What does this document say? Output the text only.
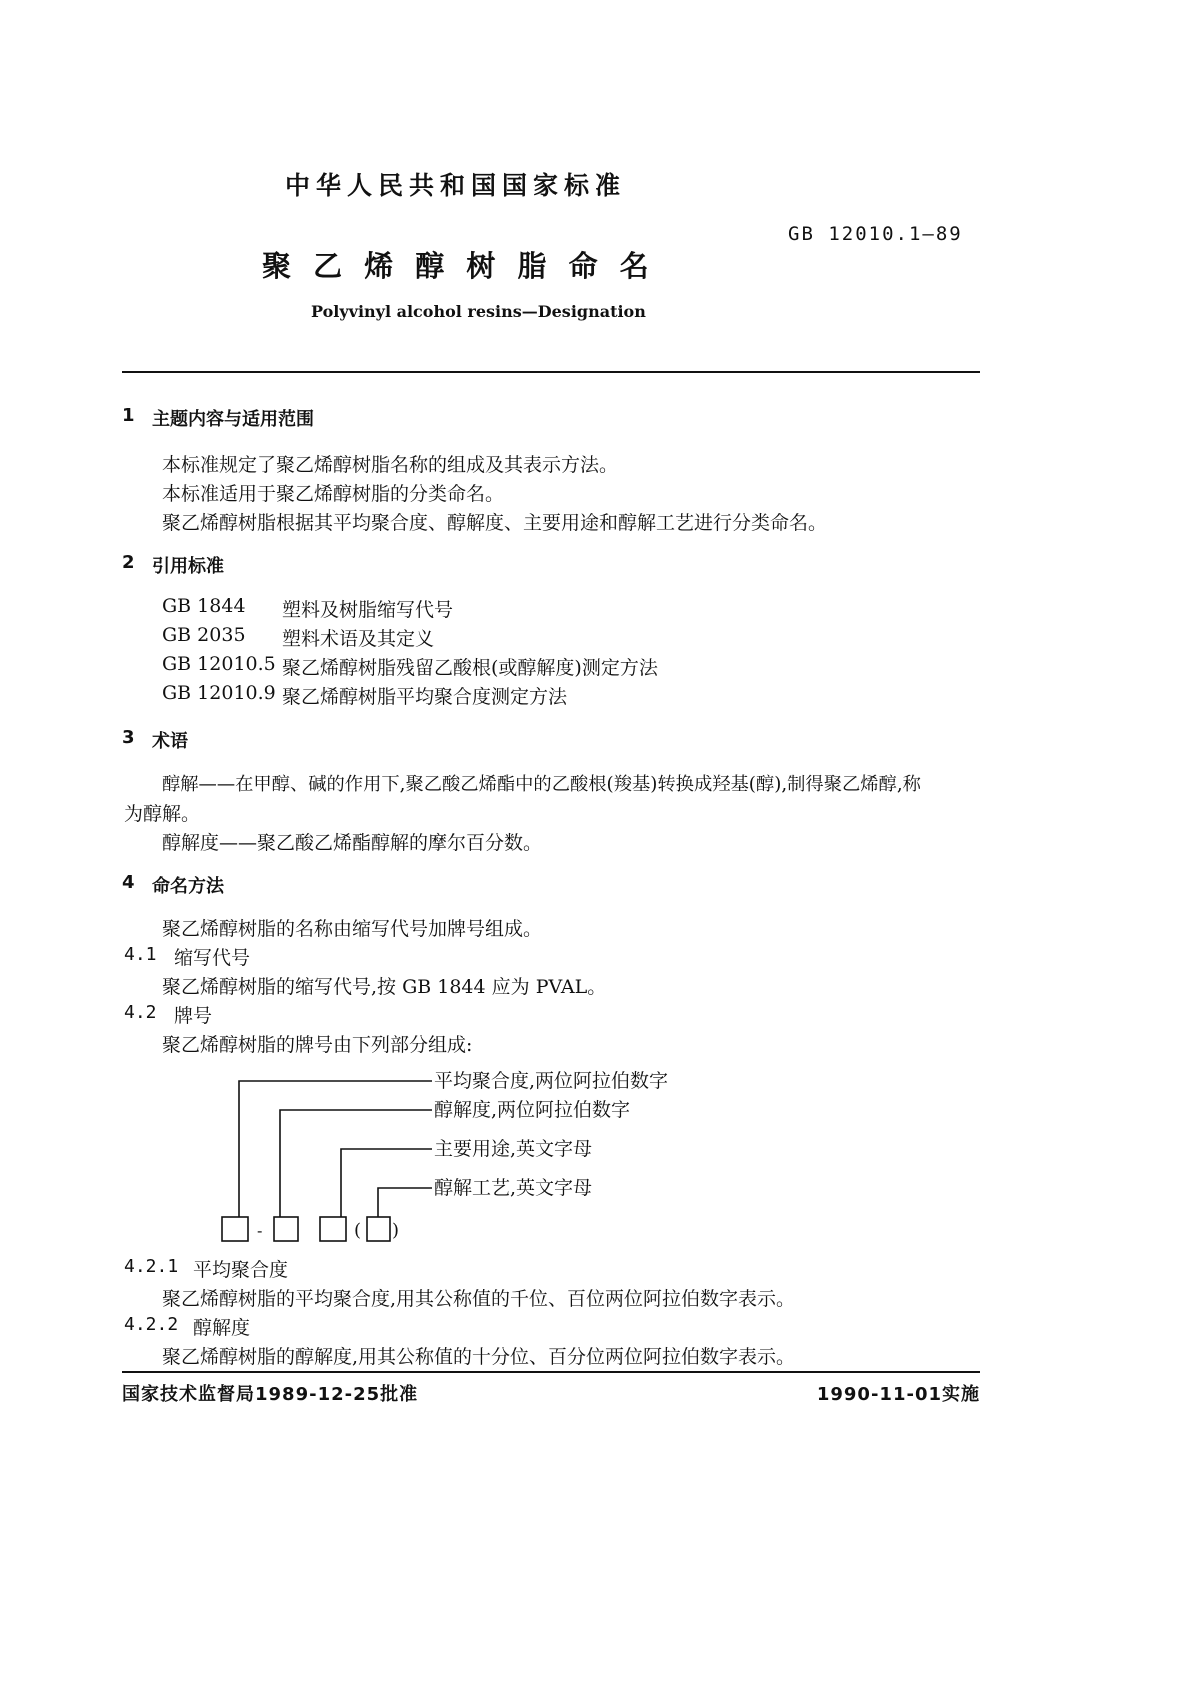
中华人民共和国国家标准
GB 12010.1—89
聚 乙 烯 醇 树 脂 命 名
Polyvinyl alcohol resins—Designation
1 主题内容与适用范围
本标准规定了聚乙烯醇树脂名称的组成及其表示方法。
本标准适用于聚乙烯醇树脂的分类命名。
聚乙烯醇树脂根据其平均聚合度、醇解度、主要用途和醇解工艺进行分类命名。
2 引用标准
GB 1844 塑料及树脂缩写代号
GB 2035 塑料术语及其定义
GB 12010.5 聚乙烯醇树脂残留乙酸根(或醇解度)测定方法
GB 12010.9 聚乙烯醇树脂平均聚合度测定方法
3 术语
醇解——在甲醇、碱的作用下,聚乙酸乙烯酯中的乙酸根(羧基)转换成羟基(醇),制得聚乙烯醇,称
为醇解。
醇解度——聚乙酸乙烯酯醇解的摩尔百分数。
4 命名方法
聚乙烯醇树脂的名称由缩写代号加牌号组成。
4.1 缩写代号
聚乙烯醇树脂的缩写代号,按 GB 1844 应为 PVAL。
4.2 牌号
聚乙烯醇树脂的牌号由下列部分组成:
平均聚合度,两位阿拉伯数字
醇解度,两位阿拉伯数字
主要用途,英文字母
醇解工艺,英文字母
-	( )
4.2.1 平均聚合度
聚乙烯醇树脂的平均聚合度,用其公称值的千位、百位两位阿拉伯数字表示。
4.2.2 醇解度
聚乙烯醇树脂的醇解度,用其公称值的十分位、百分位两位阿拉伯数字表示。
国家技术监督局1989-12-25批准	1990-11-01实施
